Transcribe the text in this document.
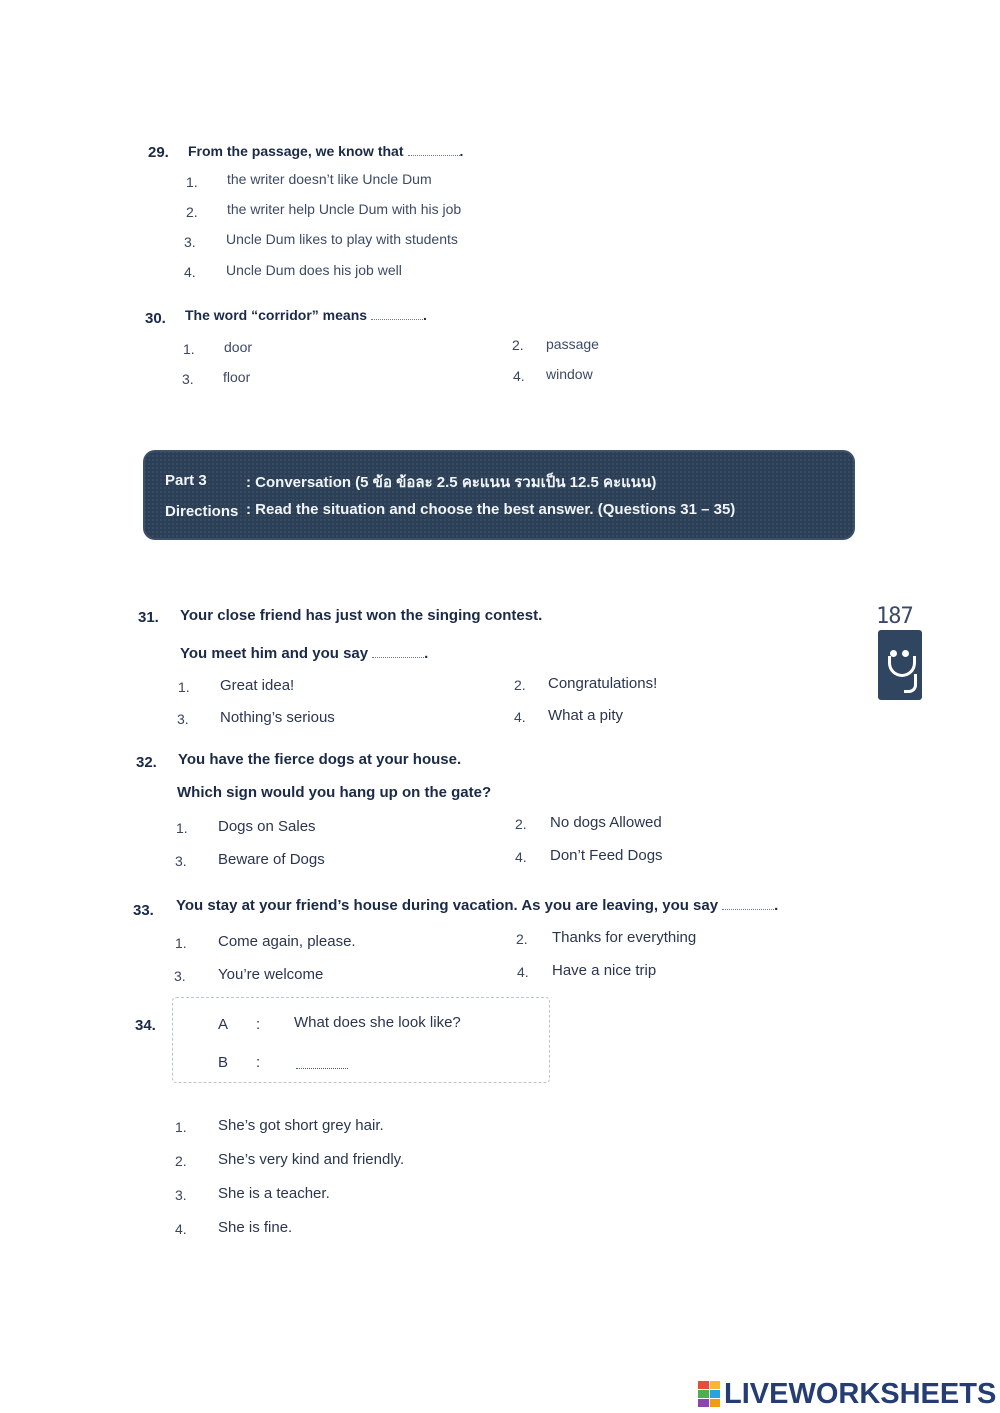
29. From the passage, we know that	.
1. the writer doesn’t like Uncle Dum
2. the writer help Uncle Dum with his job
3. Uncle Dum likes to play with students
4. Uncle Dum does his job well
30. The word “corridor” means	.
1. door	2. passage
3. floor	4. window
Part 3	: Conversation (5 ข้อ ข้อละ 2.5 คะแนน รวมเป็น 12.5 คะแนน)
Directions : Read the situation and choose the best answer. (Questions 31 – 35)
31. Your close friend has just won the singing contest.
You meet him and you say	.
1. Great idea!	2. Congratulations!
3. Nothing’s serious	4. What a pity
187
32. You have the fierce dogs at your house.
Which sign would you hang up on the gate?
1. Dogs on Sales	2. No dogs Allowed
3. Beware of Dogs	4. Don’t Feed Dogs
33. You stay at your friend’s house during vacation. As you are leaving, you say	.
1. Come again, please.	2. Thanks for everything
3. You’re welcome	4. Have a nice trip
34.	A : What does she look like?
B :
1. She’s got short grey hair.
2. She’s very kind and friendly.
3. She is a teacher.
4. She is fine.
LIVEWORKSHEETS
